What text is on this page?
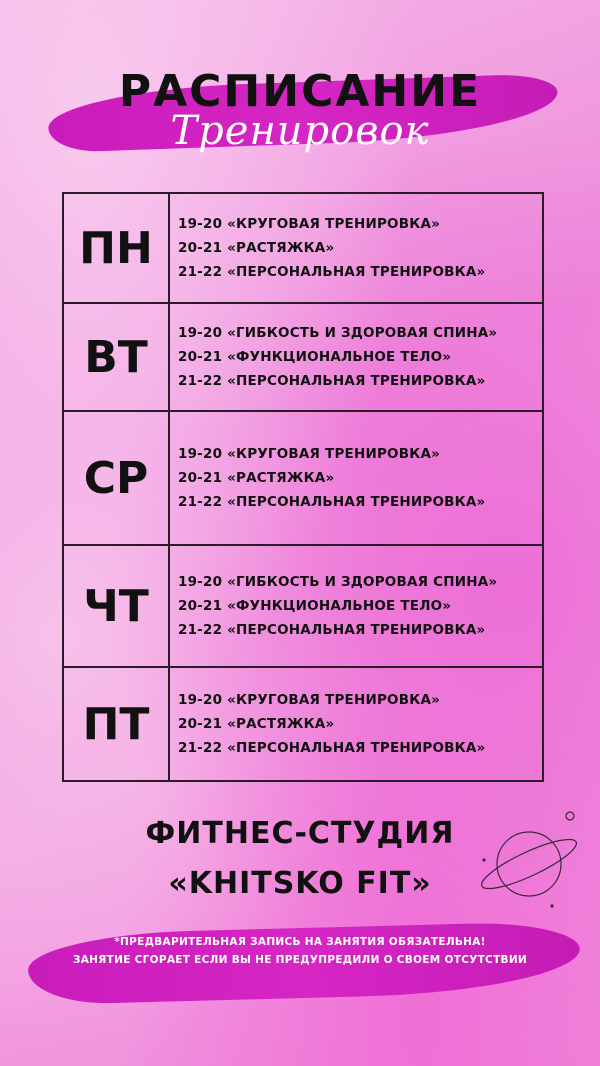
РАСПИСАНИЕ
Тренировок
ПН	19-20 «КРУГОВАЯ ТРЕНИРОВКА»
20-21 «РАСТЯЖКА»
21-22 «ПЕРСОНАЛЬНАЯ ТРЕНИРОВКА»
ВТ	19-20 «ГИБКОСТЬ И ЗДОРОВАЯ СПИНА»
20-21 «ФУНКЦИОНАЛЬНОЕ ТЕЛО»
21-22 «ПЕРСОНАЛЬНАЯ ТРЕНИРОВКА»
СР	19-20 «КРУГОВАЯ ТРЕНИРОВКА»
20-21 «РАСТЯЖКА»
21-22 «ПЕРСОНАЛЬНАЯ ТРЕНИРОВКА»
ЧТ	19-20 «ГИБКОСТЬ И ЗДОРОВАЯ СПИНА»
20-21 «ФУНКЦИОНАЛЬНОЕ ТЕЛО»
21-22 «ПЕРСОНАЛЬНАЯ ТРЕНИРОВКА»
ПТ	19-20 «КРУГОВАЯ ТРЕНИРОВКА»
20-21 «РАСТЯЖКА»
21-22 «ПЕРСОНАЛЬНАЯ ТРЕНИРОВКА»
ФИТНЕС-СТУДИЯ
«KHITSKO FIT»
*ПРЕДВАРИТЕЛЬНАЯ ЗАПИСЬ НА ЗАНЯТИЯ ОБЯЗАТЕЛЬНА!
ЗАНЯТИЕ СГОРАЕТ ЕСЛИ ВЫ НЕ ПРЕДУПРЕДИЛИ О СВОЕМ ОТСУТСТВИИ
